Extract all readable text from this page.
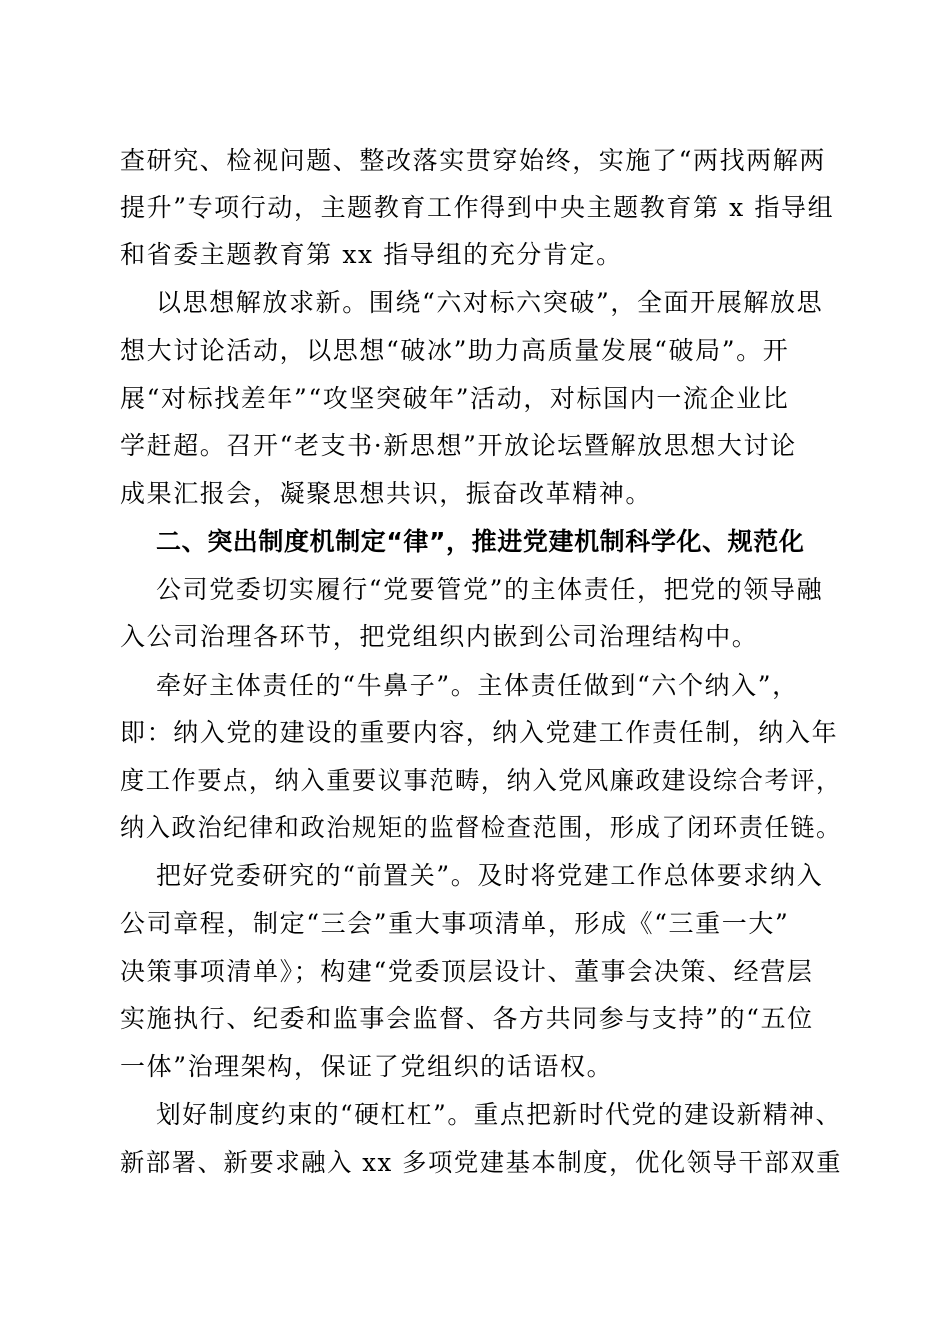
查研究、检视问题、整改落实贯穿始终，实施了“两找两解两
提升”专项行动，主题教育工作得到中央主题教育第 x 指导组
和省委主题教育第 xx 指导组的充分肯定。
以思想解放求新。围绕“六对标六突破”，全面开展解放思
想大讨论活动，以思想“破冰”助力高质量发展“破局”。开
展“对标找差年”“攻坚突破年”活动，对标国内一流企业比
学赶超。召开“老支书·新思想”开放论坛暨解放思想大讨论
成果汇报会，凝聚思想共识，振奋改革精神。
二、突出制度机制定“律”，推进党建机制科学化、规范化
公司党委切实履行“党要管党”的主体责任，把党的领导融
入公司治理各环节，把党组织内嵌到公司治理结构中。
牵好主体责任的“牛鼻子”。主体责任做到“六个纳入”，
即：纳入党的建设的重要内容，纳入党建工作责任制，纳入年
度工作要点，纳入重要议事范畴，纳入党风廉政建设综合考评，
纳入政治纪律和政治规矩的监督检查范围，形成了闭环责任链。
把好党委研究的“前置关”。及时将党建工作总体要求纳入
公司章程，制定“三会”重大事项清单，形成《“三重一大”
决策事项清单》；构建“党委顶层设计、董事会决策、经营层
实施执行、纪委和监事会监督、各方共同参与支持”的“五位
一体”治理架构，保证了党组织的话语权。
划好制度约束的“硬杠杠”。重点把新时代党的建设新精神、
新部署、新要求融入 xx 多项党建基本制度，优化领导干部双重
